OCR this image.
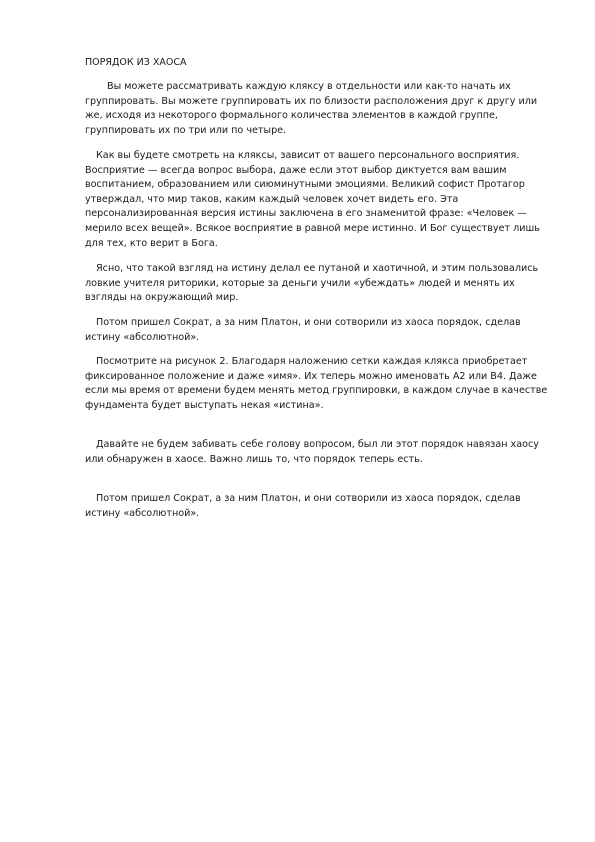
ПОРЯДОК ИЗ ХАОСА

Вы можете рассматривать каждую кляксу в отдельности или как-то начать их группировать. Вы можете группировать их по близости расположения друг к другу или же, исходя из некоторого формального количества элементов в каждой группе, группировать их по три или по четыре.

Как вы будете смотреть на кляксы, зависит от вашего персонального восприятия. Восприятие — всегда вопрос выбора, даже если этот выбор диктуется вам вашим воспитанием, образованием или сиюминутными эмоциями. Великий софист Протагор утверждал, что мир таков, каким каждый человек хочет видеть его. Эта персонализированная версия истины заключена в его знаменитой фразе: «Человек — мерило всех вещей». Всякое восприятие в равной мере истинно. И Бог существует лишь для тех, кто верит в Бога.

Ясно, что такой взгляд на истину делал ее путаной и хаотичной, и этим пользовались ловкие учителя риторики, которые за деньги учили «убеждать» людей и менять их взгляды на окружающий мир.

Потом пришел Сократ, а за ним Платон, и они сотворили из хаоса порядок, сделав истину «абсолютной».

Посмотрите на рисунок 2. Благодаря наложению сетки каждая клякса приобретает фиксированное положение и даже «имя». Их теперь можно именовать А2 или В4. Даже если мы время от времени будем менять метод группировки, в каждом случае в качестве фундамента будет выступать некая «истина».

Давайте не будем забивать себе голову вопросом, был ли этот порядок навязан хаосу или обнаружен в хаосе. Важно лишь то, что порядок теперь есть.

Потом пришел Сократ, а за ним Платон, и они сотворили из хаоса порядок, сделав истину «абсолютной».
